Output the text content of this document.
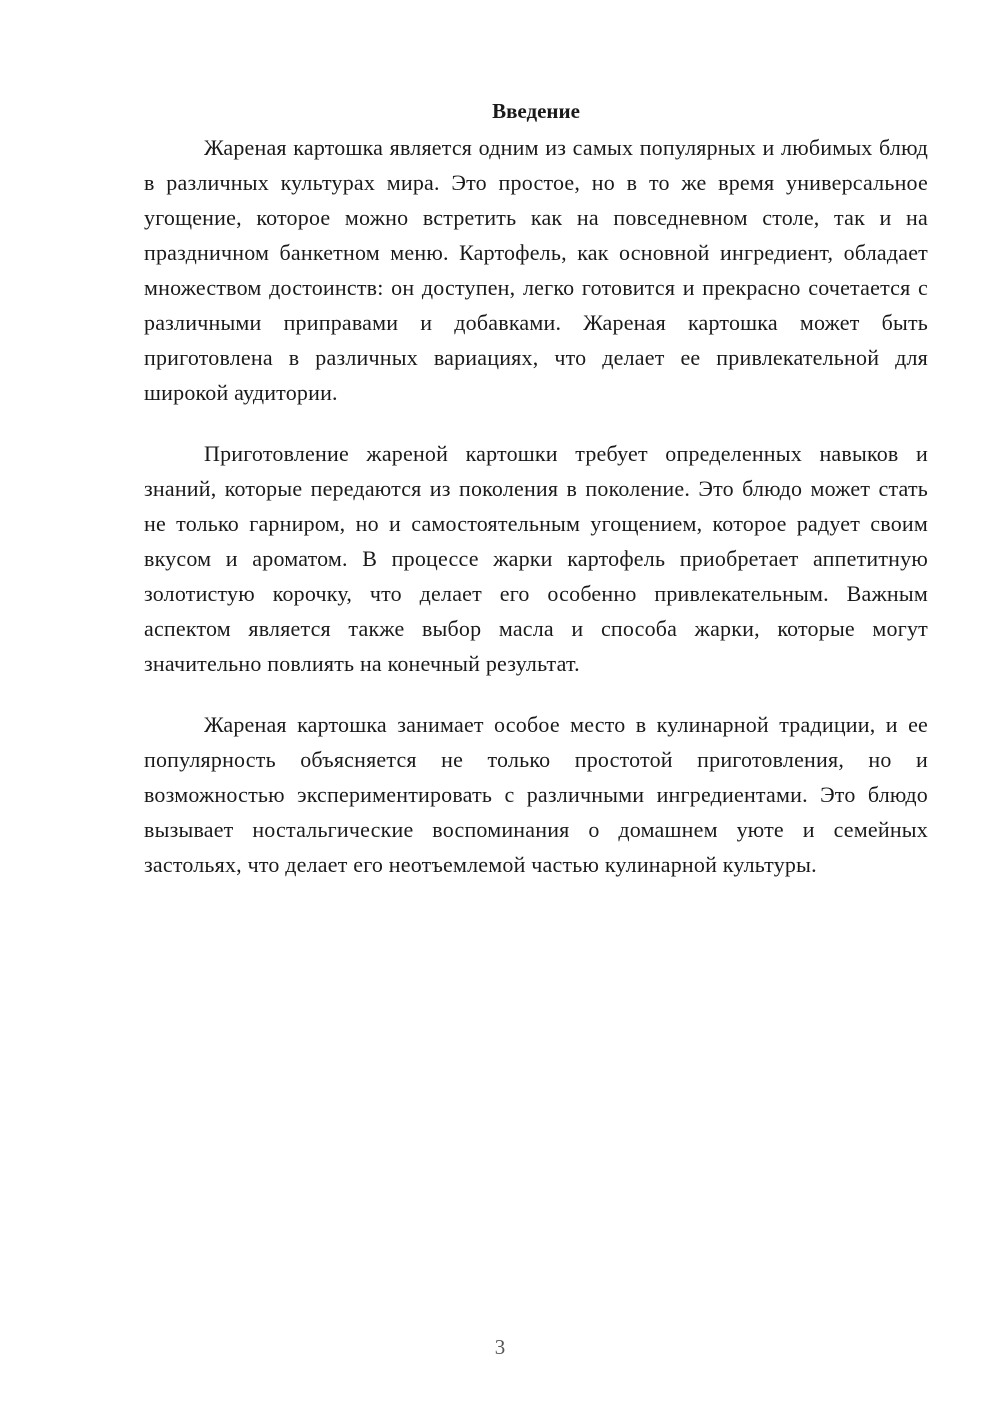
Введение

Жареная картошка является одним из самых популярных и любимых блюд в различных культурах мира. Это простое, но в то же время универсальное угощение, которое можно встретить как на повседневном столе, так и на праздничном банкетном меню. Картофель, как основной ингредиент, обладает множеством достоинств: он доступен, легко готовится и прекрасно сочетается с различными приправами и добавками. Жареная картошка может быть приготовлена в различных вариациях, что делает ее привлекательной для широкой аудитории.

Приготовление жареной картошки требует определенных навыков и знаний, которые передаются из поколения в поколение. Это блюдо может стать не только гарниром, но и самостоятельным угощением, которое радует своим вкусом и ароматом. В процессе жарки картофель приобретает аппетитную золотистую корочку, что делает его особенно привлекательным. Важным аспектом является также выбор масла и способа жарки, которые могут значительно повлиять на конечный результат.

Жареная картошка занимает особое место в кулинарной традиции, и ее популярность объясняется не только простотой приготовления, но и возможностью экспериментировать с различными ингредиентами. Это блюдо вызывает ностальгические воспоминания о домашнем уюте и семейных застольях, что делает его неотъемлемой частью кулинарной культуры.

3
